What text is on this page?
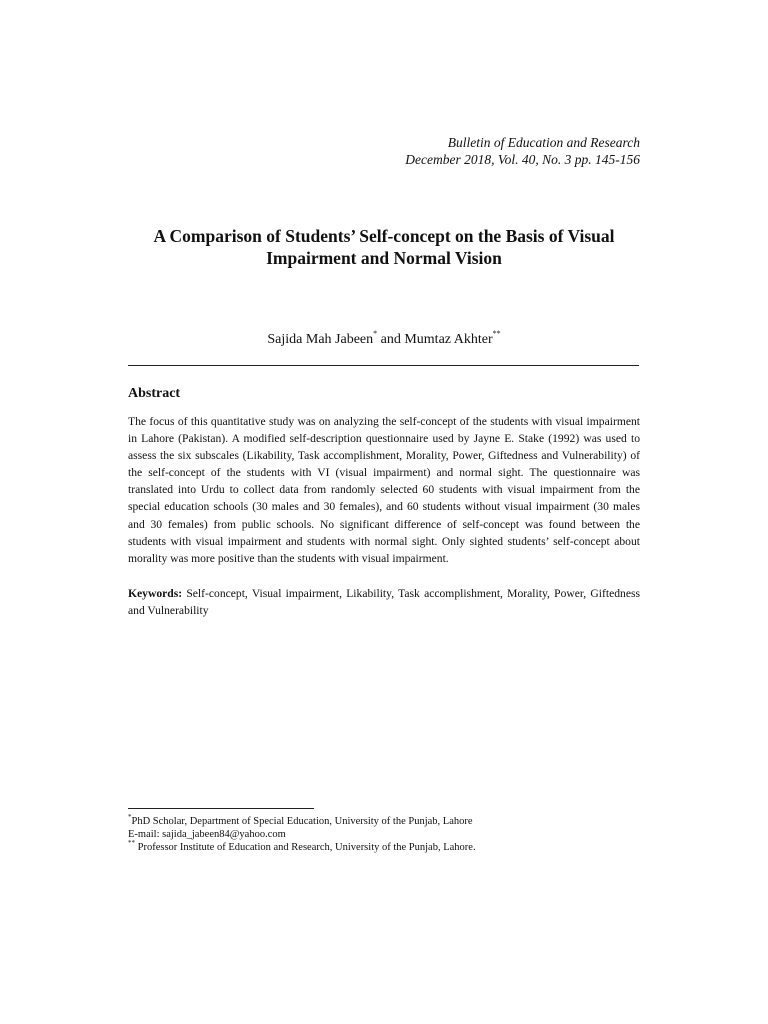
Bulletin of Education and Research
December 2018, Vol. 40, No. 3 pp. 145-156
A Comparison of Students’ Self-concept on the Basis of Visual
Impairment and Normal Vision
Sajida Mah Jabeen* and Mumtaz Akhter**
Abstract
The focus of this quantitative study was on analyzing the self-concept of the students with visual impairment in Lahore (Pakistan). A modified self-description questionnaire used by Jayne E. Stake (1992) was used to assess the six subscales (Likability, Task accomplishment, Morality, Power, Giftedness and Vulnerability) of the self-concept of the students with VI (visual impairment) and normal sight. The questionnaire was translated into Urdu to collect data from randomly selected 60 students with visual impairment from the special education schools (30 males and 30 females), and 60 students without visual impairment (30 males and 30 females) from public schools. No significant difference of self-concept was found between the students with visual impairment and students with normal sight. Only sighted students’ self-concept about morality was more positive than the students with visual impairment.
Keywords: Self-concept, Visual impairment, Likability, Task accomplishment, Morality, Power, Giftedness and Vulnerability
*PhD Scholar, Department of Special Education, University of the Punjab, Lahore
E-mail: sajida_jabeen84@yahoo.com
** Professor Institute of Education and Research, University of the Punjab, Lahore.
